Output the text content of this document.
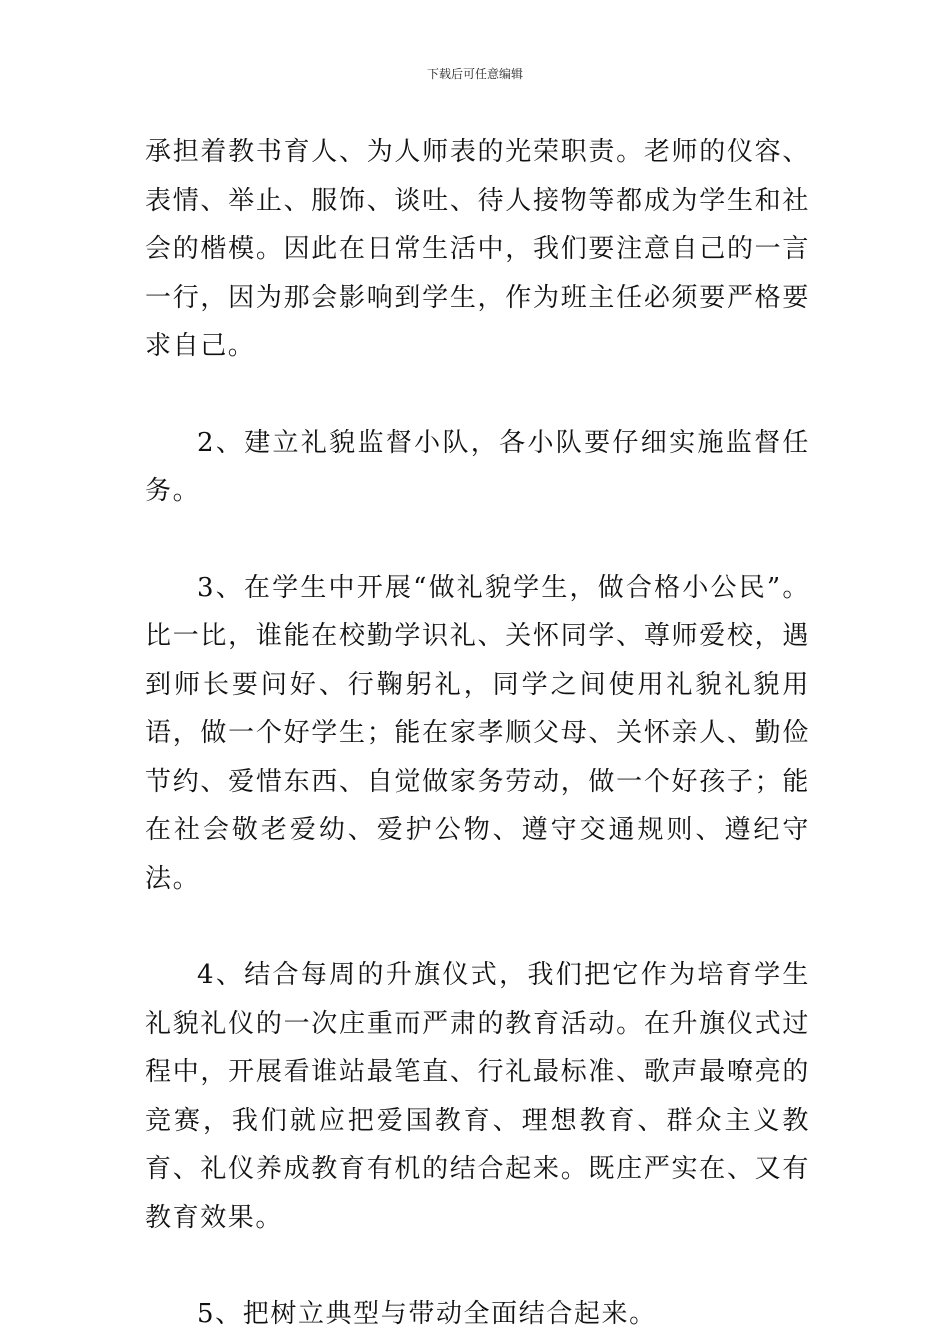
下载后可任意编辑

承担着教书育人、为人师表的光荣职责。老师的仪容、表情、举止、服饰、谈吐、待人接物等都成为学生和社会的楷模。因此在日常生活中，我们要注意自己的一言一行，因为那会影响到学生，作为班主任必须要严格要求自己。

2、建立礼貌监督小队，各小队要仔细实施监督任务。

3、在学生中开展“做礼貌学生，做合格小公民”。比一比，谁能在校勤学识礼、关怀同学、尊师爱校，遇到师长要问好、行鞠躬礼，同学之间使用礼貌礼貌用语，做一个好学生；能在家孝顺父母、关怀亲人、勤俭节约、爱惜东西、自觉做家务劳动，做一个好孩子；能在社会敬老爱幼、爱护公物、遵守交通规则、遵纪守法。

4、结合每周的升旗仪式，我们把它作为培育学生礼貌礼仪的一次庄重而严肃的教育活动。在升旗仪式过程中，开展看谁站最笔直、行礼最标准、歌声最嘹亮的竞赛，我们就应把爱国教育、理想教育、群众主义教育、礼仪养成教育有机的结合起来。既庄严实在、又有教育效果。

5、把树立典型与带动全面结合起来。
